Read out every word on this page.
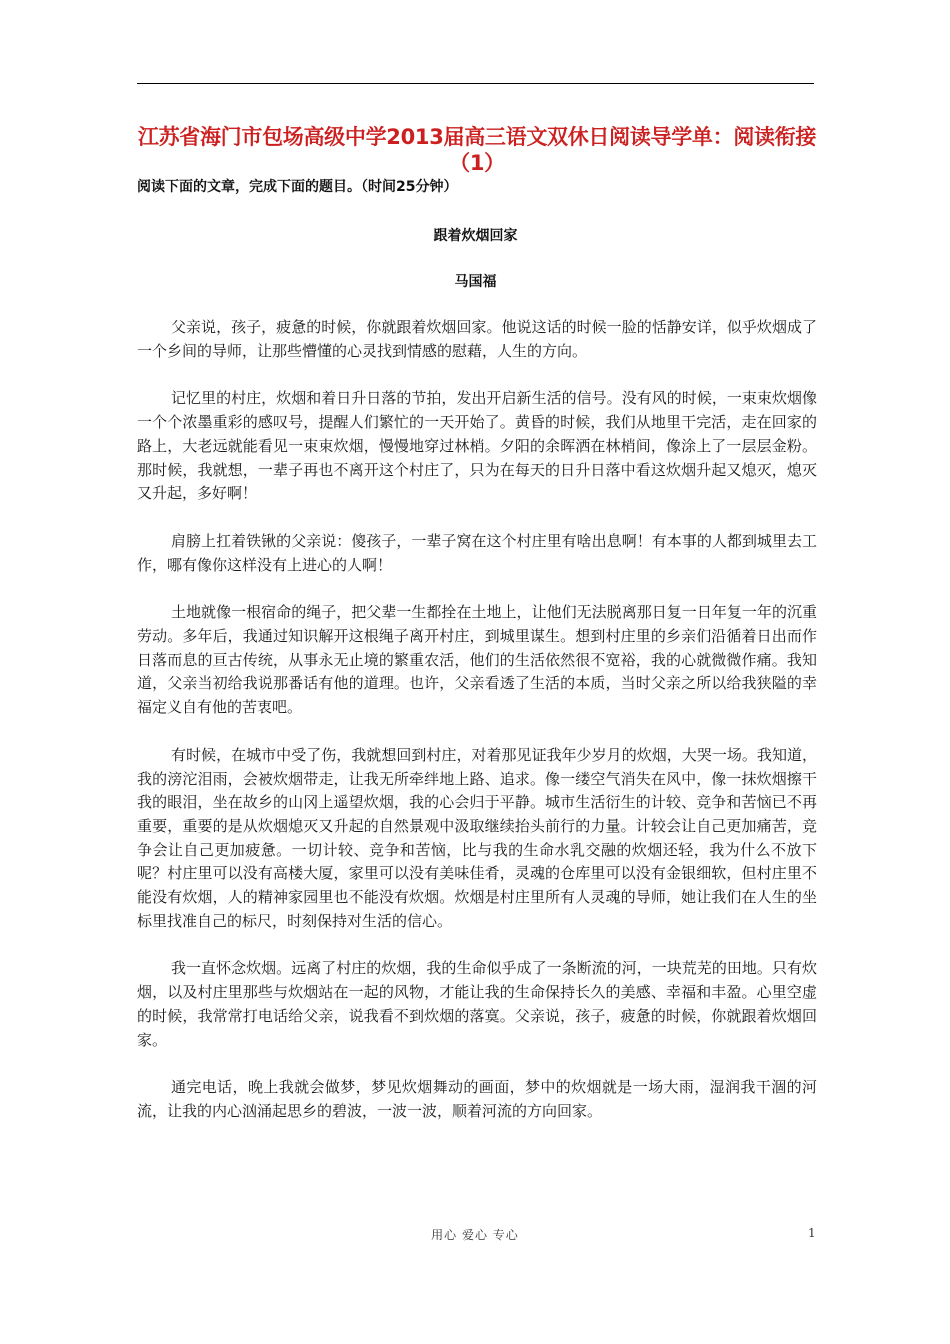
江苏省海门市包场高级中学2013届高三语文双休日阅读导学单：阅读衔接（1）

阅读下面的文章，完成下面的题目。（时间25分钟）

跟着炊烟回家

马国福

父亲说，孩子，疲惫的时候，你就跟着炊烟回家。他说这话的时候一脸的恬静安详，似乎炊烟成了一个乡间的导师，让那些懵懂的心灵找到情感的慰藉，人生的方向。

记忆里的村庄，炊烟和着日升日落的节拍，发出开启新生活的信号。没有风的时候，一束束炊烟像一个个浓墨重彩的感叹号，提醒人们繁忙的一天开始了。黄昏的时候，我们从地里干完活，走在回家的路上，大老远就能看见一束束炊烟，慢慢地穿过林梢。夕阳的余晖洒在林梢间，像涂上了一层层金粉。那时候，我就想，一辈子再也不离开这个村庄了，只为在每天的日升日落中看这炊烟升起又熄灭，熄灭又升起，多好啊！

肩膀上扛着铁锹的父亲说：傻孩子，一辈子窝在这个村庄里有啥出息啊！有本事的人都到城里去工作，哪有像你这样没有上进心的人啊！

土地就像一根宿命的绳子，把父辈一生都拴在土地上，让他们无法脱离那日复一日年复一年的沉重劳动。多年后，我通过知识解开这根绳子离开村庄，到城里谋生。想到村庄里的乡亲们沿循着日出而作日落而息的亘古传统，从事永无止境的繁重农活，他们的生活依然很不宽裕，我的心就微微作痛。我知道，父亲当初给我说那番话有他的道理。也许，父亲看透了生活的本质，当时父亲之所以给我狭隘的幸福定义自有他的苦衷吧。

有时候，在城市中受了伤，我就想回到村庄，对着那见证我年少岁月的炊烟，大哭一场。我知道，我的滂沱泪雨，会被炊烟带走，让我无所牵绊地上路、追求。像一缕空气消失在风中，像一抹炊烟擦干我的眼泪，坐在故乡的山冈上遥望炊烟，我的心会归于平静。城市生活衍生的计较、竞争和苦恼已不再重要，重要的是从炊烟熄灭又升起的自然景观中汲取继续抬头前行的力量。计较会让自己更加痛苦，竞争会让自己更加疲惫。一切计较、竞争和苦恼，比与我的生命水乳交融的炊烟还轻，我为什么不放下呢？村庄里可以没有高楼大厦，家里可以没有美味佳肴，灵魂的仓库里可以没有金银细软，但村庄里不能没有炊烟，人的精神家园里也不能没有炊烟。炊烟是村庄里所有人灵魂的导师，她让我们在人生的坐标里找准自己的标尺，时刻保持对生活的信心。

我一直怀念炊烟。远离了村庄的炊烟，我的生命似乎成了一条断流的河，一块荒芜的田地。只有炊烟，以及村庄里那些与炊烟站在一起的风物，才能让我的生命保持长久的美感、幸福和丰盈。心里空虚的时候，我常常打电话给父亲，说我看不到炊烟的落寞。父亲说，孩子，疲惫的时候，你就跟着炊烟回家。

通完电话，晚上我就会做梦，梦见炊烟舞动的画面，梦中的炊烟就是一场大雨，湿润我干涸的河流，让我的内心汹涌起思乡的碧波，一波一波，顺着河流的方向回家。

用心 爱心 专心	1
